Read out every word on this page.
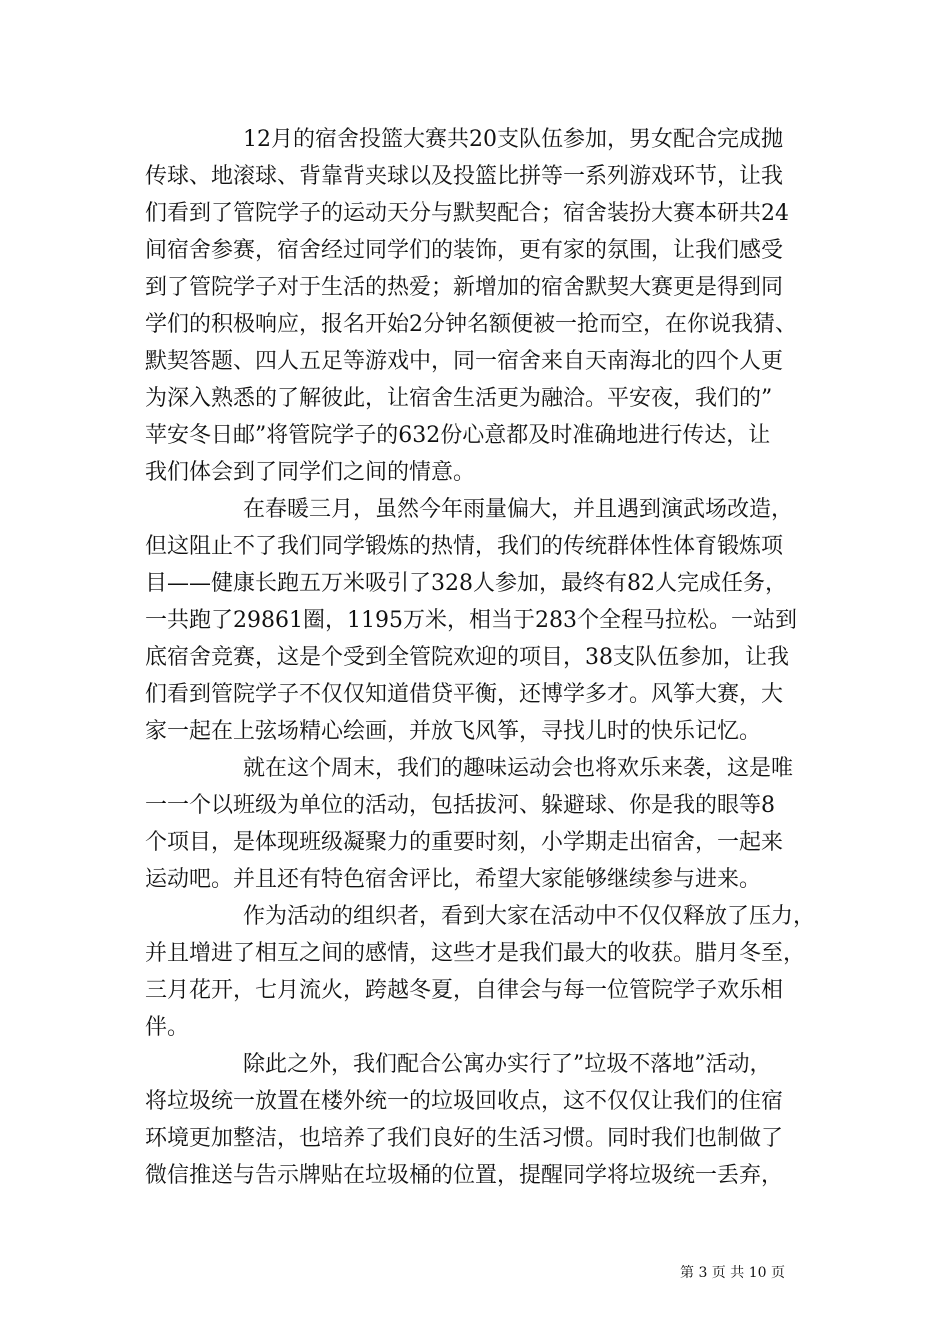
12月的宿舍投篮大赛共20支队伍参加，男女配合完成抛
传球、地滚球、背靠背夹球以及投篮比拼等一系列游戏环节，让我
们看到了管院学子的运动天分与默契配合；宿舍装扮大赛本研共24
间宿舍参赛，宿舍经过同学们的装饰，更有家的氛围，让我们感受
到了管院学子对于生活的热爱；新增加的宿舍默契大赛更是得到同
学们的积极响应，报名开始2分钟名额便被一抢而空，在你说我猜、
默契答题、四人五足等游戏中，同一宿舍来自天南海北的四个人更
为深入熟悉的了解彼此，让宿舍生活更为融洽。平安夜，我们的”
苹安冬日邮”将管院学子的632份心意都及时准确地进行传达，让
我们体会到了同学们之间的情意。
在春暖三月，虽然今年雨量偏大，并且遇到演武场改造，
但这阻止不了我们同学锻炼的热情，我们的传统群体性体育锻炼项
目——健康长跑五万米吸引了328人参加，最终有82人完成任务，
一共跑了29861圈，1195万米，相当于283个全程马拉松。一站到
底宿舍竞赛，这是个受到全管院欢迎的项目，38支队伍参加，让我
们看到管院学子不仅仅知道借贷平衡，还博学多才。风筝大赛，大
家一起在上弦场精心绘画，并放飞风筝，寻找儿时的快乐记忆。
就在这个周末，我们的趣味运动会也将欢乐来袭，这是唯
一一个以班级为单位的活动，包括拔河、躲避球、你是我的眼等8
个项目，是体现班级凝聚力的重要时刻，小学期走出宿舍，一起来
运动吧。并且还有特色宿舍评比，希望大家能够继续参与进来。
作为活动的组织者，看到大家在活动中不仅仅释放了压力，
并且增进了相互之间的感情，这些才是我们最大的收获。腊月冬至，
三月花开，七月流火，跨越冬夏，自律会与每一位管院学子欢乐相
伴。
除此之外，我们配合公寓办实行了”垃圾不落地”活动，
将垃圾统一放置在楼外统一的垃圾回收点，这不仅仅让我们的住宿
环境更加整洁，也培养了我们良好的生活习惯。同时我们也制做了
微信推送与告示牌贴在垃圾桶的位置，提醒同学将垃圾统一丢弃，
第 3 页 共 10 页
